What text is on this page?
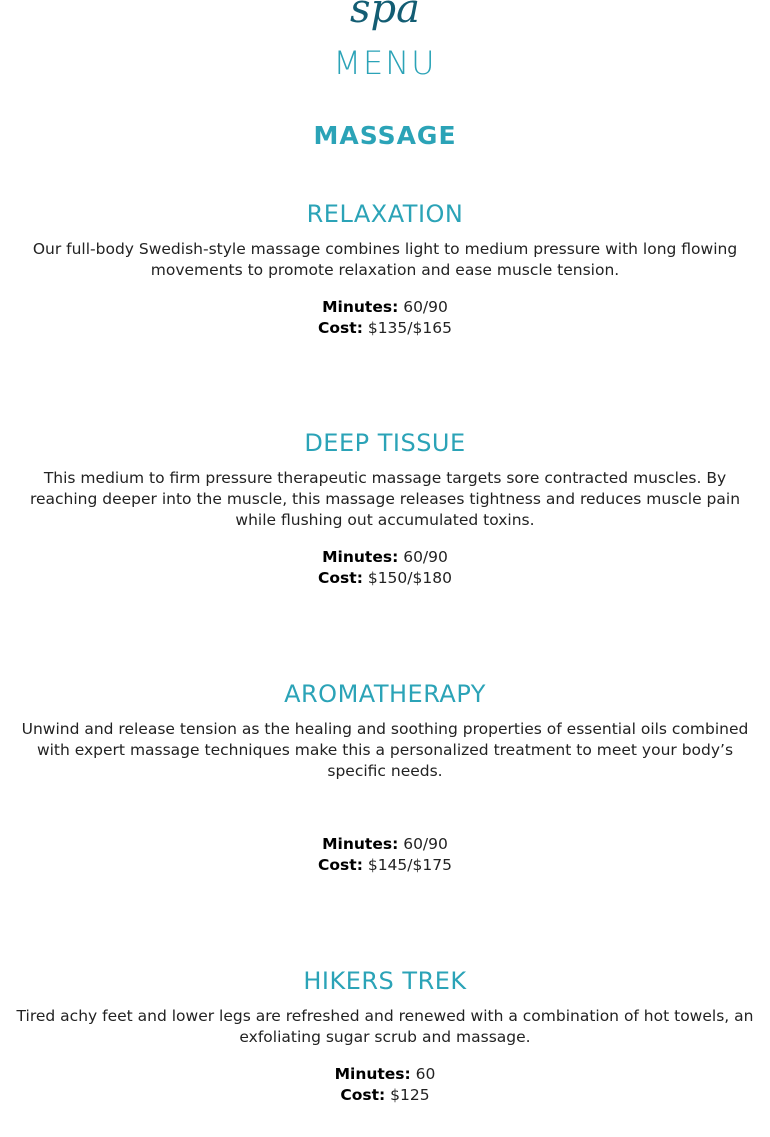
spa
MENU
MASSAGE
RELAXATION
Our full-body Swedish-style massage combines light to medium pressure with long flowing movements to promote relaxation and ease muscle tension.
Minutes: 60/90
Cost: $135/$165
DEEP TISSUE
This medium to firm pressure therapeutic massage targets sore contracted muscles. By reaching deeper into the muscle, this massage releases tightness and reduces muscle pain while flushing out accumulated toxins.
Minutes: 60/90
Cost: $150/$180
AROMATHERAPY
Unwind and release tension as the healing and soothing properties of essential oils combined with expert massage techniques make this a personalized treatment to meet your body’s specific needs.
Minutes: 60/90
Cost: $145/$175
HIKERS TREK
Tired achy feet and lower legs are refreshed and renewed with a combination of hot towels, an exfoliating sugar scrub and massage.
Minutes: 60
Cost: $125
